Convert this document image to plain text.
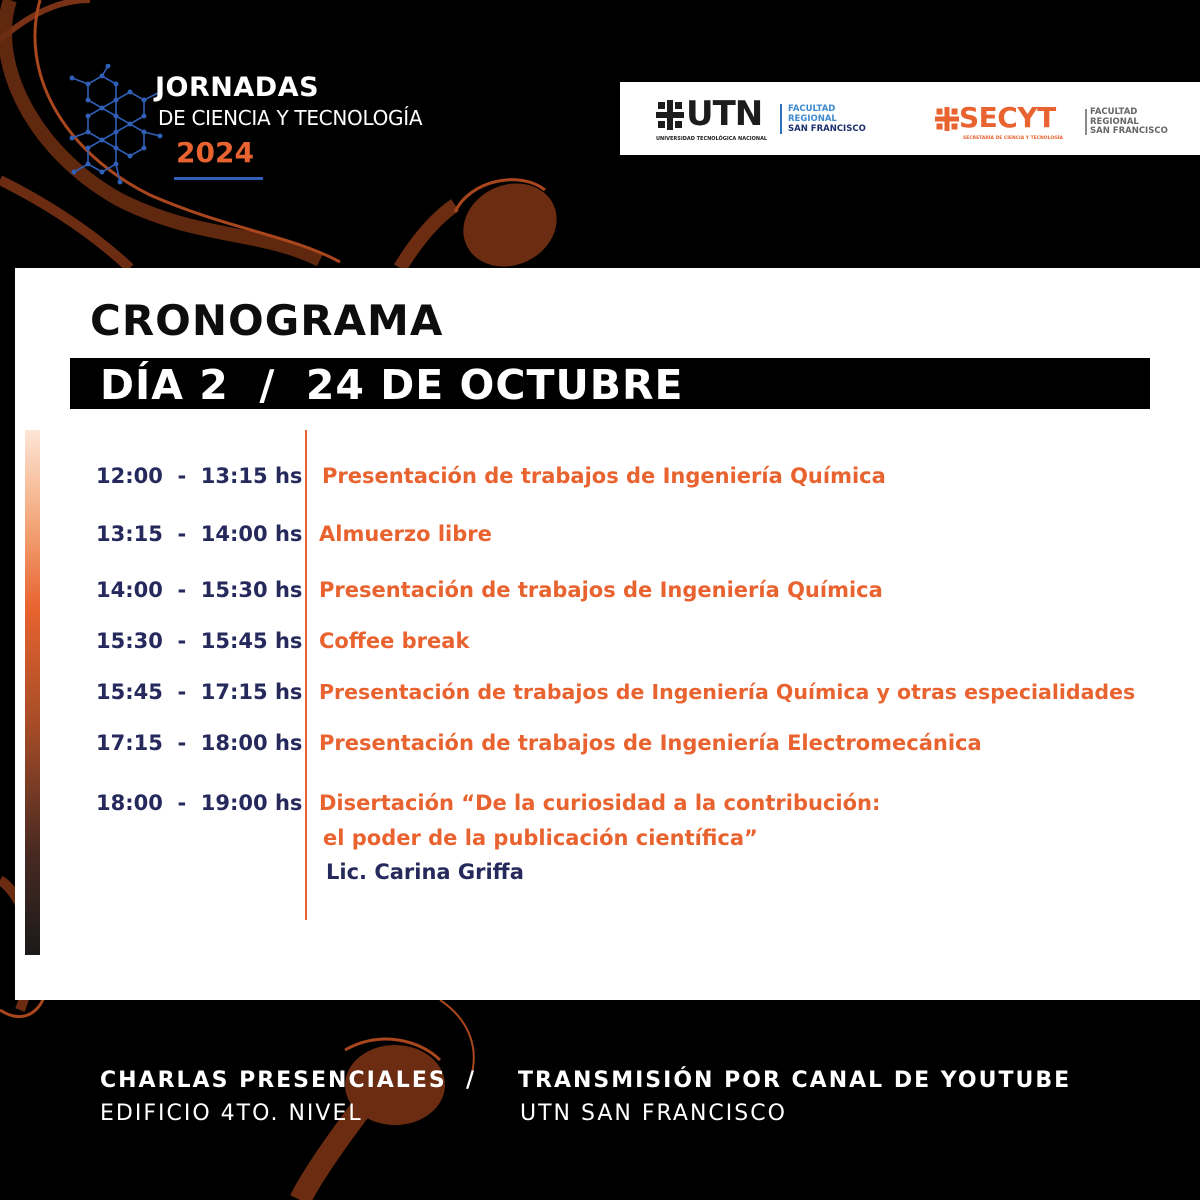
JORNADAS
DE CIENCIA Y TECNOLOGÍA
2024
UTN
UNIVERSIDAD TECNOLÓGICA NACIONAL
FACULTAD
REGIONAL
SAN FRANCISCO	SECYT
SECRETARÍA DE CIENCIA Y TECNOLOGÍA
FACULTAD
REGIONAL
SAN FRANCISCO
CRONOGRAMA
DÍA 2  /  24 DE OCTUBRE
12:00  -  13:15 hs Presentación de trabajos de Ingeniería Química
13:15  -  14:00 hs Almuerzo libre
14:00  -  15:30 hs Presentación de trabajos de Ingeniería Química
15:30  -  15:45 hs Coffee break
15:45  -  17:15 hs Presentación de trabajos de Ingeniería Química y otras especialidades
17:15  -  18:00 hs Presentación de trabajos de Ingeniería Electromecánica
18:00  -  19:00 hs Disertación “De la curiosidad a la contribución:
el poder de la publicación científica”
Lic. Carina Griffa
CHARLAS PRESENCIALES  /
EDIFICIO 4TO. NIVEL
TRANSMISIÓN POR CANAL DE YOUTUBE
UTN SAN FRANCISCO
